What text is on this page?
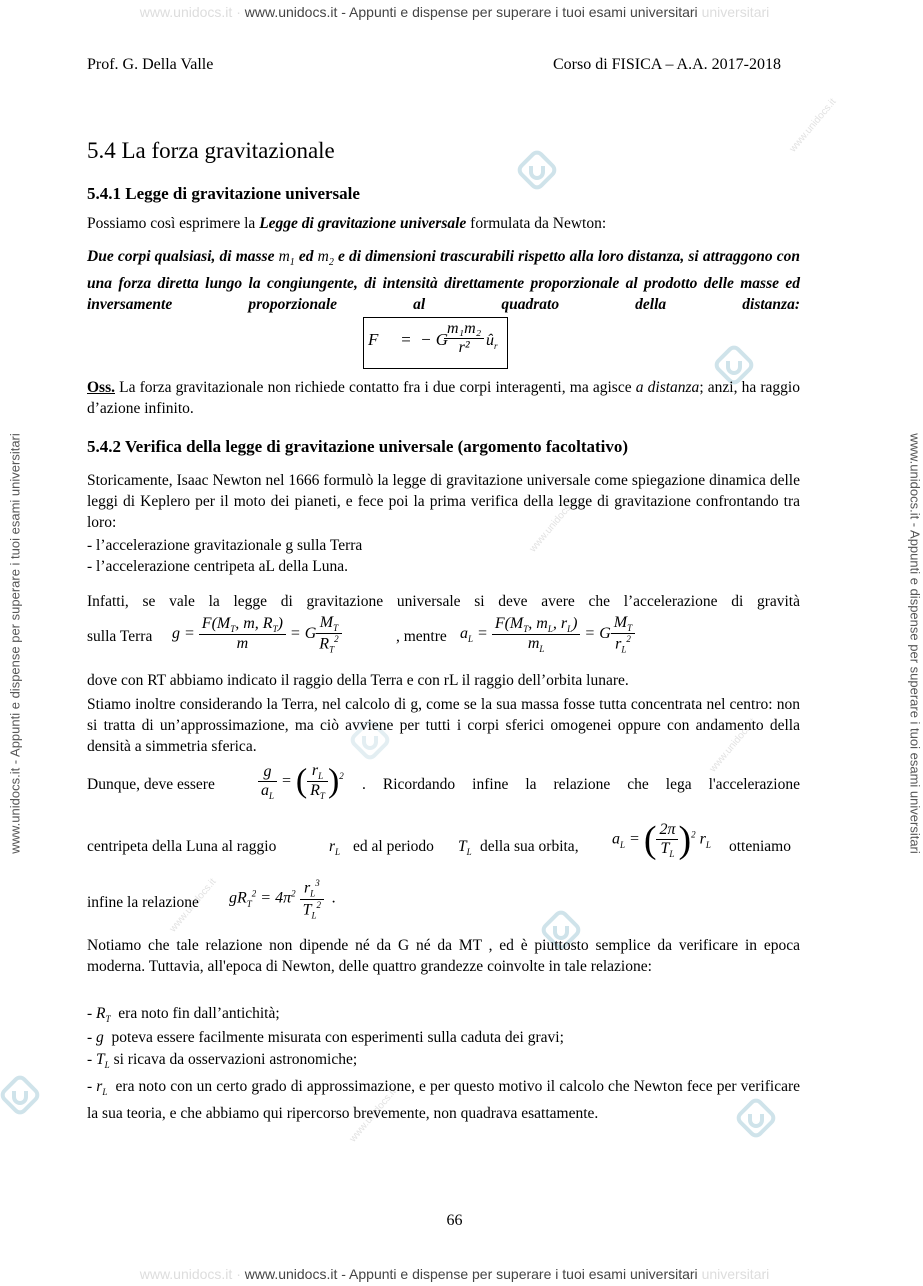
www.unidocs.it · www.unidocs.it - Appunti e dispense per superare i tuoi esami universitari universitari
www.unidocs.it · www.unidocs.it - Appunti e dispense per superare i tuoi esami universitari universitari
www.unidocs.it - Appunti e dispense per superare i tuoi esami universitari	www.unidocs.it - Appunti e dispense per superare i tuoi esami universitari
www.unidocs.it
www.unidocs.it
www.unidocs.it
www.unidocs.it
www.unidocs.it
Prof. G. Della Valle	Corso di FISICA – A.A. 2017-2018
5.4 La forza gravitazionale
5.4.1 Legge di gravitazione universale
Possiamo così esprimere la Legge di gravitazione universale formulata da Newton:
Due corpi qualsiasi, di masse $m_1$ ed $m_2$ e di dimensioni trascurabili rispetto alla loro distanza, si attraggono con una forza diretta lungo la congiungente, di intensità direttamente proporzionale al prodotto delle masse ed inversamente proporzionale al quadrato della distanza:
F⃗  =  − G
$\frac{\text{m₁m₂}}{\text{r²}}$ $û_r$
Oss. La forza gravitazionale non richiede contatto fra i due corpi interagenti, ma agisce a distanza; anzi, ha raggio d’azione infinito.
5.4.2 Verifica della legge di gravitazione universale (argomento facoltativo)
Storicamente, Isaac Newton nel 1666 formulò la legge di gravitazione universale come spiegazione dinamica delle leggi di Keplero per il moto dei pianeti, e fece poi la prima verifica della legge di gravitazione confrontando tra loro:
- l’accelerazione gravitazionale g sulla Terra
- l’accelerazione centripeta aL della Luna.
Infatti, se vale la legge di gravitazione universale si deve avere che l’accelerazione di gravità
sulla Terra $g = \frac{F(M_T, m, R_T)}{m} = G \frac{M_T}{R_T^2}$	, mentre $a_L = \frac{F(M_T, m_L, r_L)}{m_L} = G \frac{M_T}{r_L^2}$
dove con RT abbiamo indicato il raggio della Terra e con rL il raggio dell’orbita lunare.
Stiamo inoltre considerando la Terra, nel calcolo di g, come se la sua massa fosse tutta concentrata nel centro: non si tratta di un’approssimazione, ma ciò avviene per tutti i corpi sferici omogenei oppure con andamento della densità a simmetria sferica.
Dunque, deve essere	$\frac{g}{a_L}$ = ( $\frac{r_L}{R_T} )^2$ . Ricordando infine la relazione che lega l'accelerazione
centripeta della Luna al raggio	$r_L$ ed al periodo $T_L$ della sua orbita, $a_L$ = ( $\frac{2\pi}{T_L} )^2$ $r_L$ otteniamo
infine la relazione $gR_T^2 = 4\pi^2 \frac{r_L^3}{T_L^2}$ .
Notiamo che tale relazione non dipende né da G né da MT , ed è piuttosto semplice da verificare in epoca moderna. Tuttavia, all'epoca di Newton, delle quattro grandezze coinvolte in tale relazione:
- $R_T$ era noto fin dall’antichità;
- g poteva essere facilmente misurata con esperimenti sulla caduta dei gravi;
- $T_L$ si ricava da osservazioni astronomiche;
- $r_L$ era noto con un certo grado di approssimazione, e per questo motivo il calcolo che Newton fece per verificare la sua teoria, e che abbiamo qui ripercorso brevemente, non quadrava esattamente.
66
